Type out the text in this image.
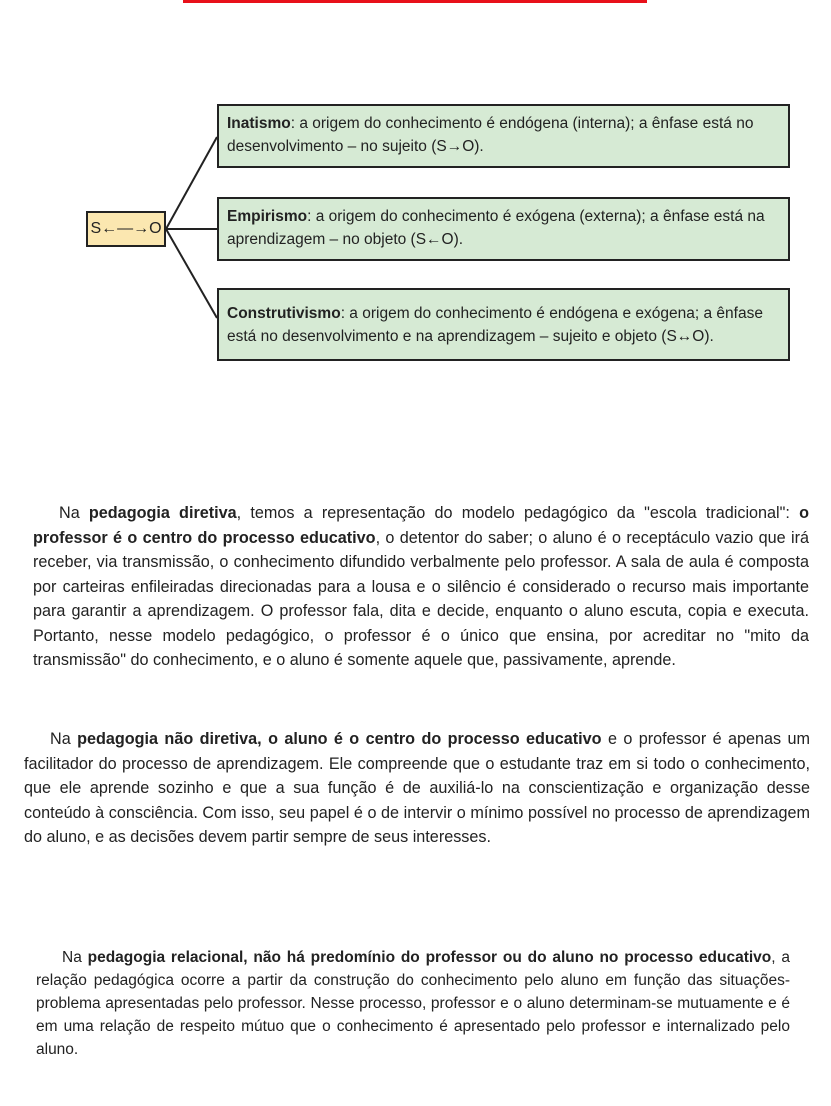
S←—→O
Inatismo: a origem do conhecimento é endógena (interna); a ênfase está no desenvolvimento – no sujeito (S→O).
Empirismo: a origem do conhecimento é exógena (externa); a ênfase está na aprendizagem – no objeto (S←O).
Construtivismo: a origem do conhecimento é endógena e exógena; a ênfase está no desenvolvimento e na aprendizagem – sujeito e objeto (S↔O).

Na pedagogia diretiva, temos a representação do modelo pedagógico da "escola tradicional": o professor é o centro do processo educativo, o detentor do saber; o aluno é o receptáculo vazio que irá receber, via transmissão, o conhecimento difundido verbalmente pelo professor. A sala de aula é composta por carteiras enfileiradas direcionadas para a lousa e o silêncio é considerado o recurso mais importante para garantir a aprendizagem. O professor fala, dita e decide, enquanto o aluno escuta, copia e executa. Portanto, nesse modelo pedagógico, o professor é o único que ensina, por acreditar no "mito da transmissão" do conhecimento, e o aluno é somente aquele que, passivamente, aprende.

Na pedagogia não diretiva, o aluno é o centro do processo educativo e o professor é apenas um facilitador do processo de aprendizagem. Ele compreende que o estudante traz em si todo o conhecimento, que ele aprende sozinho e que a sua função é de auxiliá-lo na conscientização e organização desse conteúdo à consciência. Com isso, seu papel é o de intervir o mínimo possível no processo de aprendizagem do aluno, e as decisões devem partir sempre de seus interesses.

Na pedagogia relacional, não há predomínio do professor ou do aluno no processo educativo, a relação pedagógica ocorre a partir da construção do conhecimento pelo aluno em função das situações-problema apresentadas pelo professor. Nesse processo, professor e o aluno determinam-se mutuamente e é em uma relação de respeito mútuo que o conhecimento é apresentado pelo professor e internalizado pelo aluno.
